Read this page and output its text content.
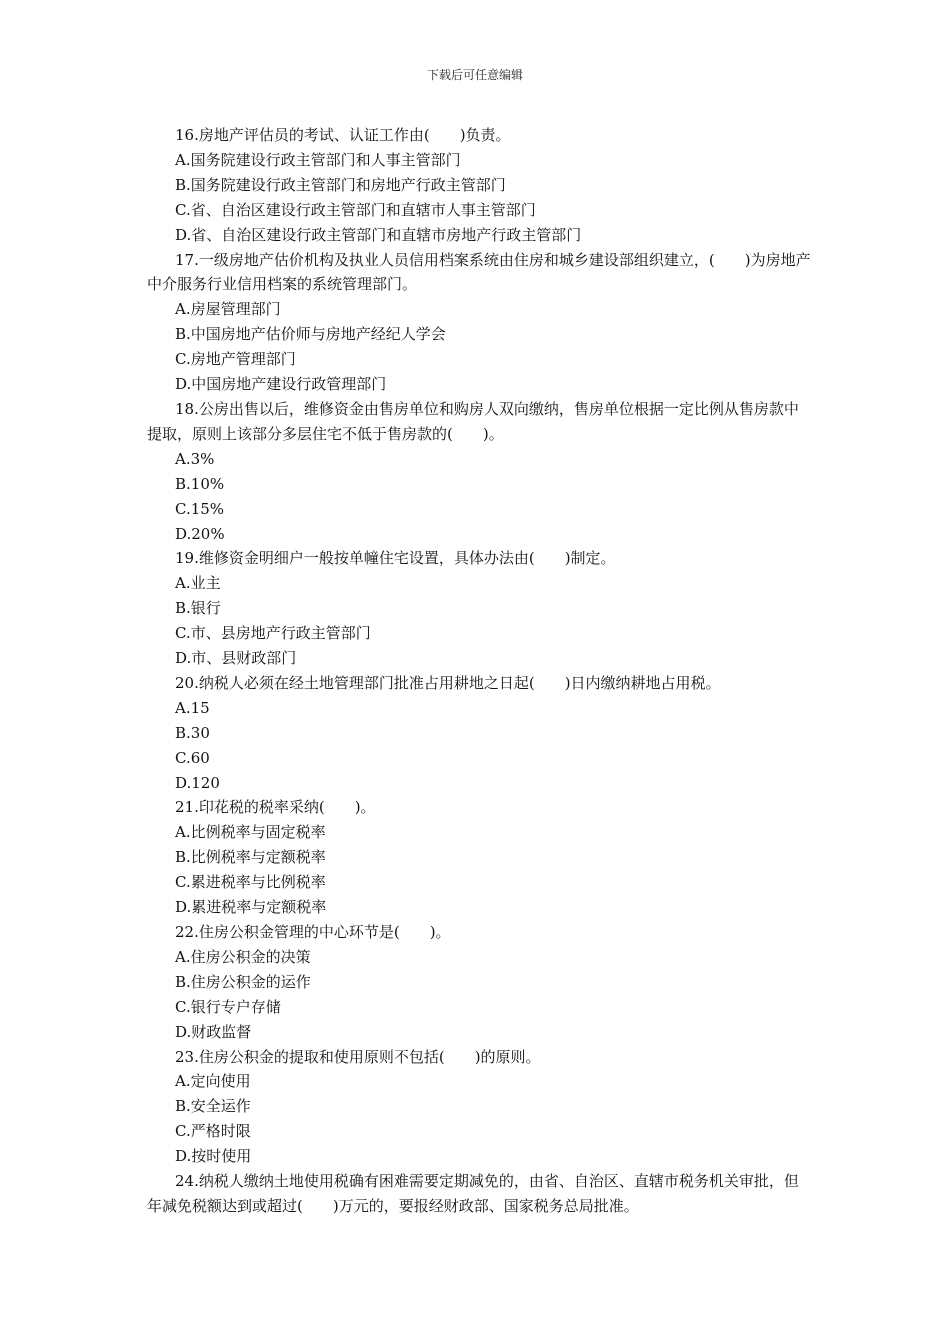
下载后可任意编辑

16.房地产评估员的考试、认证工作由(　　)负责。

A.国务院建设行政主管部门和人事主管部门

B.国务院建设行政主管部门和房地产行政主管部门

C.省、自治区建设行政主管部门和直辖市人事主管部门

D.省、自治区建设行政主管部门和直辖市房地产行政主管部门

17.一级房地产估价机构及执业人员信用档案系统由住房和城乡建设部组织建立，(　　)为房地产中介服务行业信用档案的系统管理部门。

A.房屋管理部门

B.中国房地产估价师与房地产经纪人学会

C.房地产管理部门

D.中国房地产建设行政管理部门

18.公房出售以后，维修资金由售房单位和购房人双向缴纳，售房单位根据一定比例从售房款中提取，原则上该部分多层住宅不低于售房款的(　　)。

A.3%

B.10%

C.15%

D.20%

19.维修资金明细户一般按单幢住宅设置，具体办法由(　　)制定。

A.业主

B.银行

C.市、县房地产行政主管部门

D.市、县财政部门

20.纳税人必须在经土地管理部门批准占用耕地之日起(　　)日内缴纳耕地占用税。

A.15

B.30

C.60

D.120

21.印花税的税率采纳(　　)。

A.比例税率与固定税率

B.比例税率与定额税率

C.累进税率与比例税率

D.累进税率与定额税率

22.住房公积金管理的中心环节是(　　)。

A.住房公积金的决策

B.住房公积金的运作

C.银行专户存储

D.财政监督

23.住房公积金的提取和使用原则不包括(　　)的原则。

A.定向使用

B.安全运作

C.严格时限

D.按时使用

24.纳税人缴纳土地使用税确有困难需要定期减免的，由省、自治区、直辖市税务机关审批，但年减免税额达到或超过(　　)万元的，要报经财政部、国家税务总局批准。
